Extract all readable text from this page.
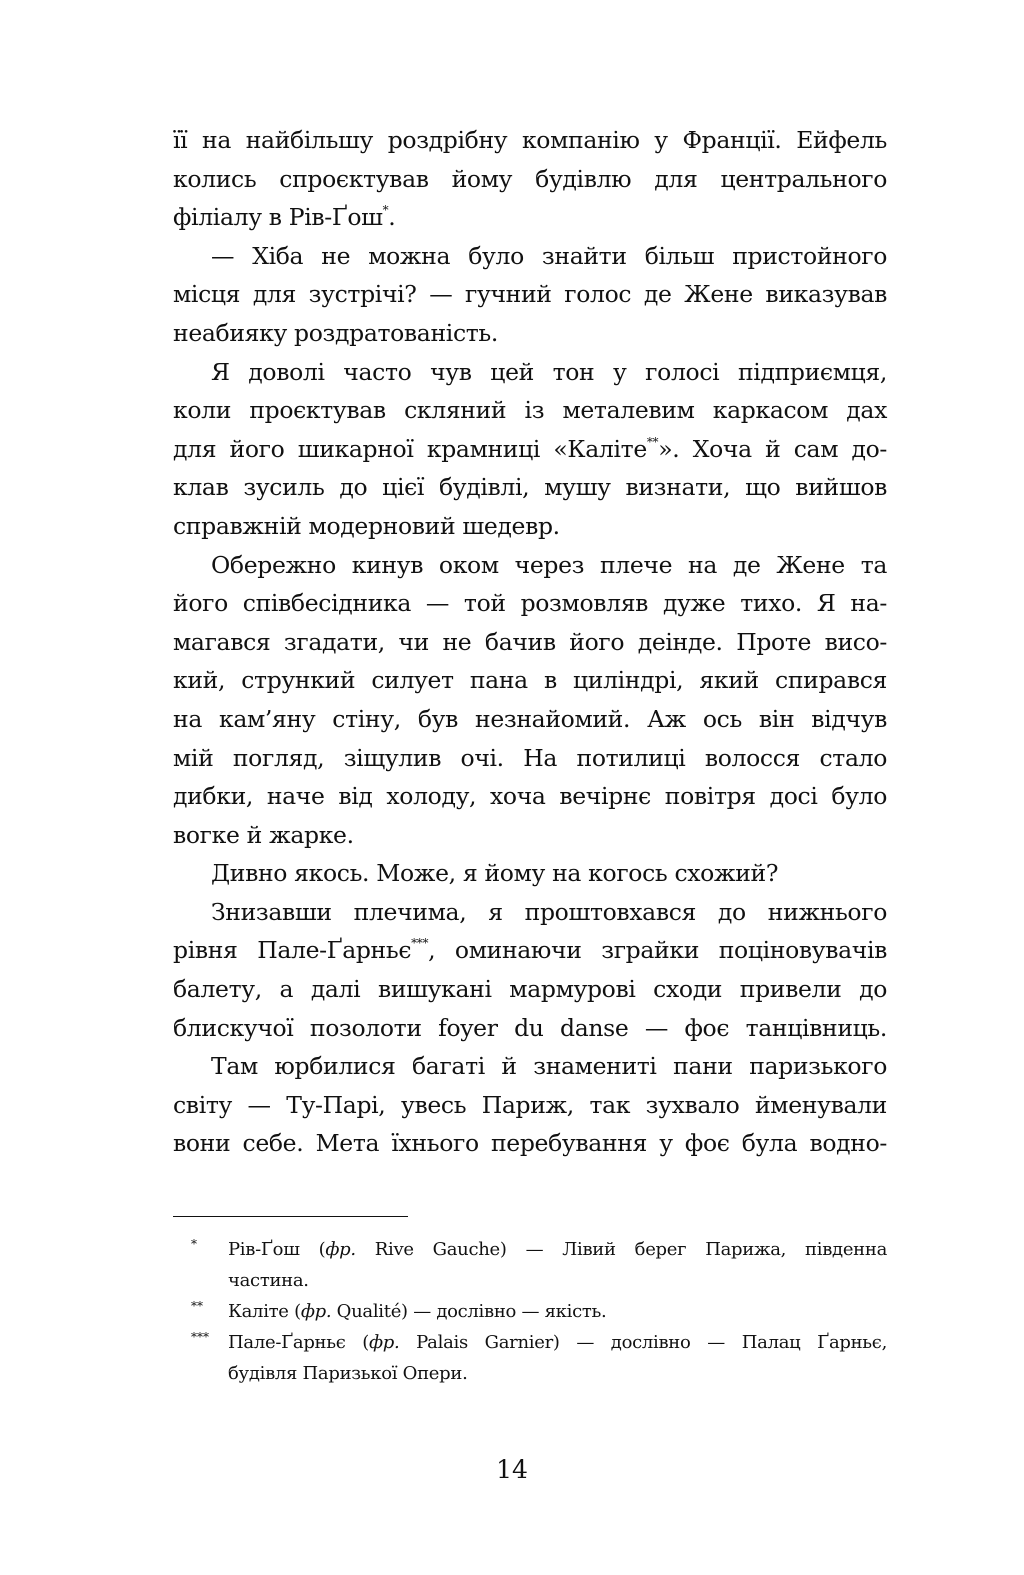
її на найбільшу роздрібну компанію у Франції. Ейфель
колись спроєктував йому будівлю для центрального
філіалу в Рів-Ґош*.
— Хіба не можна було знайти більш пристойного
місця для зустрічі? — гучний голос де Жене виказував
неабияку роздратованість.
Я доволі часто чув цей тон у голосі підприємця,
коли проєктував скляний із металевим каркасом дах
для його шикарної крамниці «Каліте**». Хоча й сам до-
клав зусиль до цієї будівлі, мушу визнати, що вийшов
справжній модерновий шедевр.
Обережно кинув оком через плече на де Жене та
його співбесідника — той розмовляв дуже тихо. Я на-
магався згадати, чи не бачив його деінде. Проте висо-
кий, стрункий силует пана в циліндрі, який спирався
на кам’яну стіну, був незнайомий. Аж ось він відчув
мій погляд, зіщулив очі. На потилиці волосся стало
дибки, наче від холоду, хоча вечірнє повітря досі було
вогке й жарке.
Дивно якось. Може, я йому на когось схожий?
Знизавши плечима, я проштовхався до нижнього
рівня Пале-Ґарньє***, оминаючи зграйки поціновувачів
балету, а далі вишукані мармурові сходи привели до
блискучої позолоти foyer du danse — фоє танцівниць.
Там юрбилися багаті й знамениті пани паризького
світу — Ту-Парі, увесь Париж, так зухвало йменували
вони себе. Мета їхнього перебування у фоє була водно-
* Рів-Ґош (фр. Rive Gauche) — Лівий берег Парижа, південна
частина.
** Каліте (фр. Qualité) — дослівно — якість.
*** Пале-Ґарньє (фр. Palais Garnier) — дослівно — Палац Ґарньє,
будівля Паризької Опери.
14
